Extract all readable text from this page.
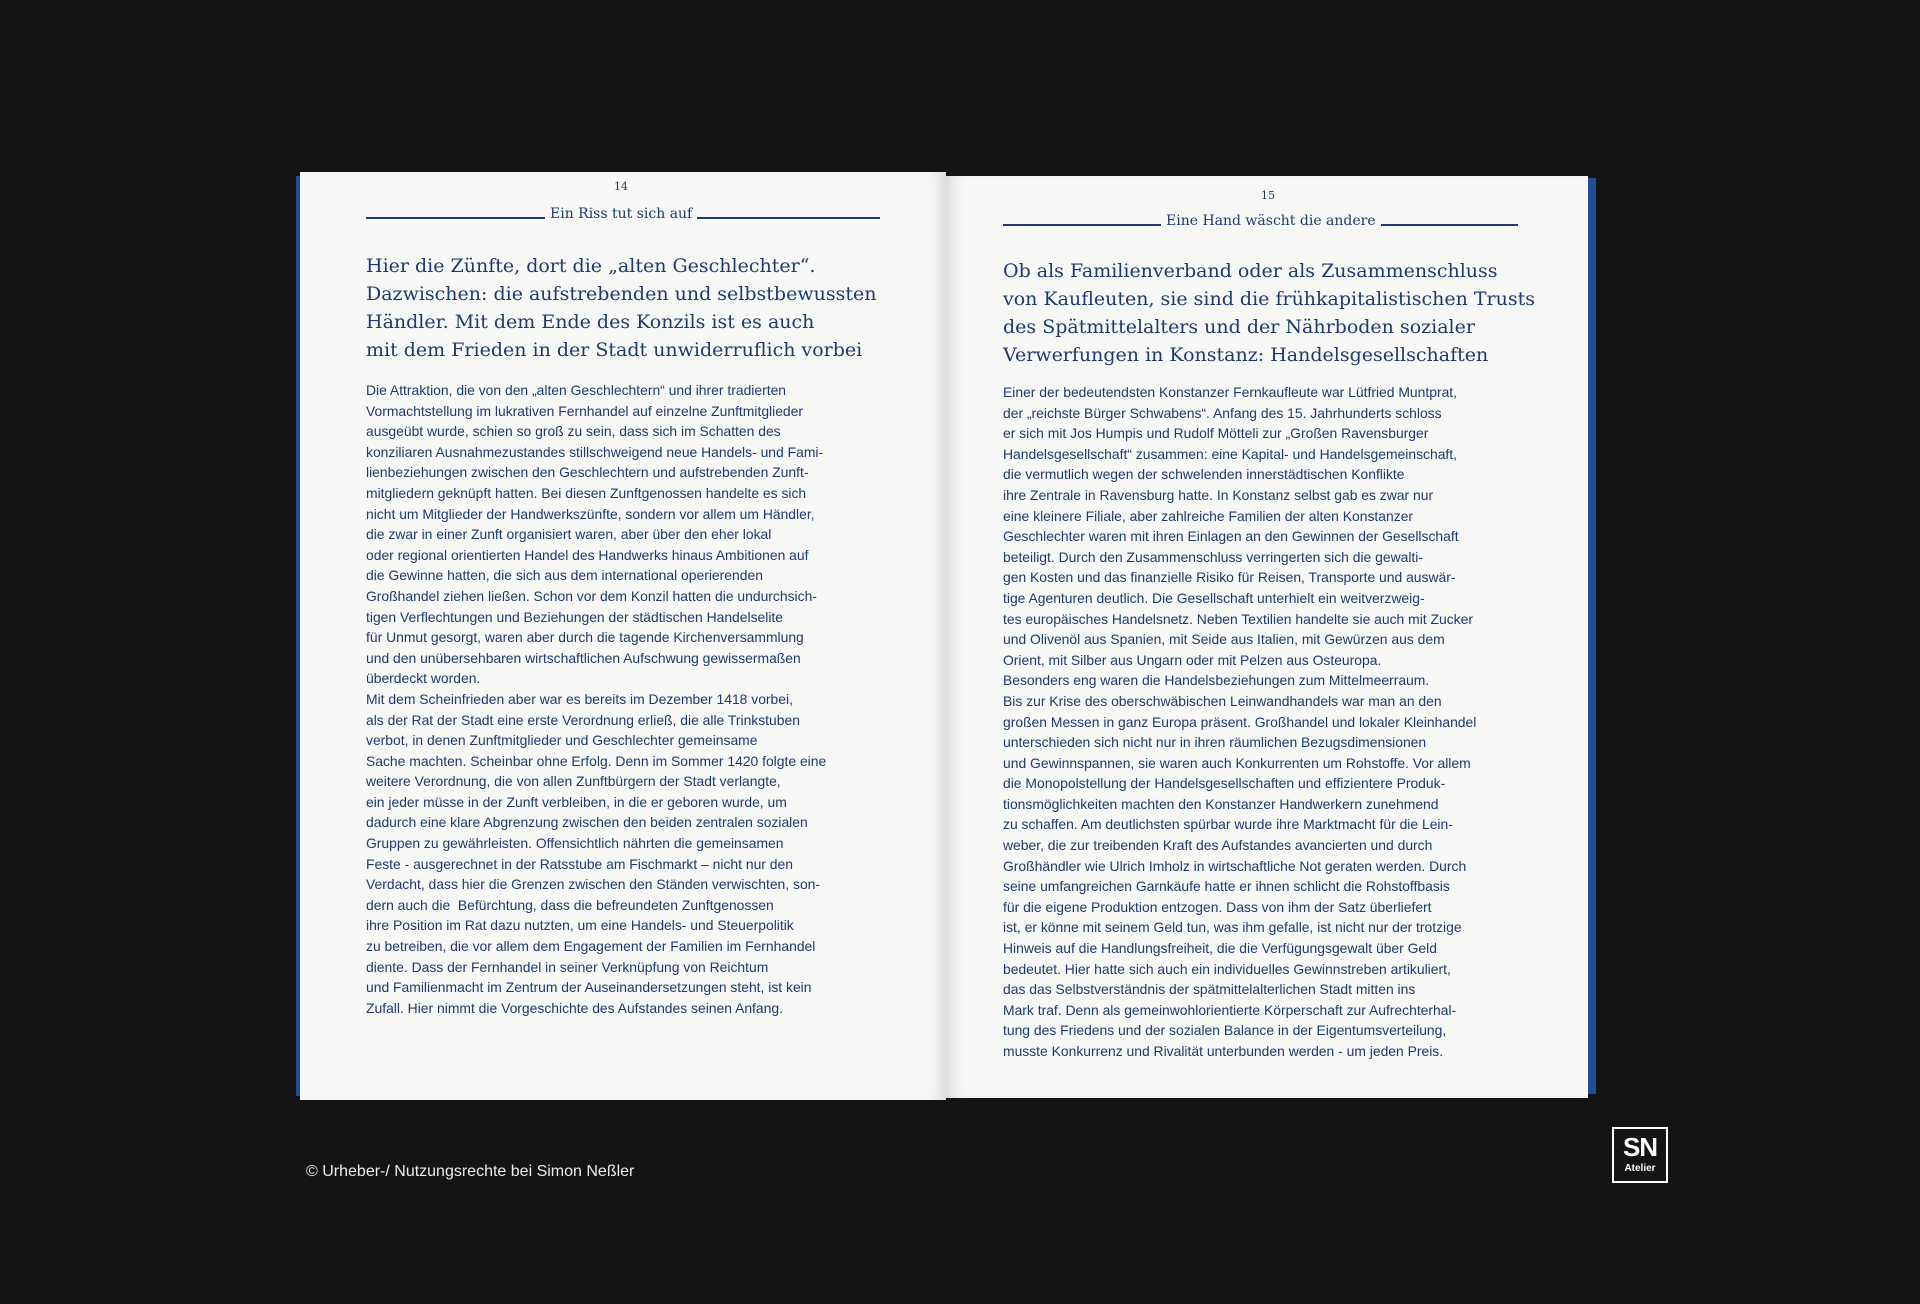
14
Ein Riss tut sich auf
Hier die Zünfte, dort die „alten Geschlechter“.
Dazwischen: die aufstrebenden und selbstbewussten
Händler. Mit dem Ende des Konzils ist es auch
mit dem Frieden in der Stadt unwiderruflich vorbei

Die Attraktion, die von den „alten Geschlechtern“ und ihrer tradierten
Vormachtstellung im lukrativen Fernhandel auf einzelne Zunftmitglieder
ausgeübt wurde, schien so groß zu sein, dass sich im Schatten des
konziliaren Ausnahmezustandes stillschweigend neue Handels- und Fami-
lienbeziehungen zwischen den Geschlechtern und aufstrebenden Zunft-
mitgliedern geknüpft hatten. Bei diesen Zunftgenossen handelte es sich
nicht um Mitglieder der Handwerkszünfte, sondern vor allem um Händler,
die zwar in einer Zunft organisiert waren, aber über den eher lokal
oder regional orientierten Handel des Handwerks hinaus Ambitionen auf
die Gewinne hatten, die sich aus dem international operierenden
Großhandel ziehen ließen. Schon vor dem Konzil hatten die undurchsich-
tigen Verflechtungen und Beziehungen der städtischen Handelselite
für Unmut gesorgt, waren aber durch die tagende Kirchenversammlung
und den unübersehbaren wirtschaftlichen Aufschwung gewissermaßen
überdeckt worden.
Mit dem Scheinfrieden aber war es bereits im Dezember 1418 vorbei,
als der Rat der Stadt eine erste Verordnung erließ, die alle Trinkstuben
verbot, in denen Zunftmitglieder und Geschlechter gemeinsame
Sache machten. Scheinbar ohne Erfolg. Denn im Sommer 1420 folgte eine
weitere Verordnung, die von allen Zunftbürgern der Stadt verlangte,
ein jeder müsse in der Zunft verbleiben, in die er geboren wurde, um
dadurch eine klare Abgrenzung zwischen den beiden zentralen sozialen
Gruppen zu gewährleisten. Offensichtlich nährten die gemeinsamen
Feste - ausgerechnet in der Ratsstube am Fischmarkt – nicht nur den
Verdacht, dass hier die Grenzen zwischen den Ständen verwischten, son-
dern auch die  Befürchtung, dass die befreundeten Zunftgenossen
ihre Position im Rat dazu nutzten, um eine Handels- und Steuerpolitik
zu betreiben, die vor allem dem Engagement der Familien im Fernhandel
diente. Dass der Fernhandel in seiner Verknüpfung von Reichtum
und Familienmacht im Zentrum der Auseinandersetzungen steht, ist kein
Zufall. Hier nimmt die Vorgeschichte des Aufstandes seinen Anfang.

15
Eine Hand wäscht die andere
Ob als Familienverband oder als Zusammenschluss
von Kaufleuten, sie sind die frühkapitalistischen Trusts
des Spätmittelalters und der Nährboden sozialer
Verwerfungen in Konstanz: Handelsgesellschaften

Einer der bedeutendsten Konstanzer Fernkaufleute war Lütfried Muntprat,
der „reichste Bürger Schwabens“. Anfang des 15. Jahrhunderts schloss
er sich mit Jos Humpis und Rudolf Mötteli zur „Großen Ravensburger
Handelsgesellschaft“ zusammen: eine Kapital- und Handelsgemeinschaft,
die vermutlich wegen der schwelenden innerstädtischen Konflikte
ihre Zentrale in Ravensburg hatte. In Konstanz selbst gab es zwar nur
eine kleinere Filiale, aber zahlreiche Familien der alten Konstanzer
Geschlechter waren mit ihren Einlagen an den Gewinnen der Gesellschaft
beteiligt. Durch den Zusammenschluss verringerten sich die gewalti-
gen Kosten und das finanzielle Risiko für Reisen, Transporte und auswär-
tige Agenturen deutlich. Die Gesellschaft unterhielt ein weitverzweig-
tes europäisches Handelsnetz. Neben Textilien handelte sie auch mit Zucker
und Olivenöl aus Spanien, mit Seide aus Italien, mit Gewürzen aus dem
Orient, mit Silber aus Ungarn oder mit Pelzen aus Osteuropa.
Besonders eng waren die Handelsbeziehungen zum Mittelmeerraum.
Bis zur Krise des oberschwäbischen Leinwandhandels war man an den
großen Messen in ganz Europa präsent. Großhandel und lokaler Kleinhandel
unterschieden sich nicht nur in ihren räumlichen Bezugsdimensionen
und Gewinnspannen, sie waren auch Konkurrenten um Rohstoffe. Vor allem
die Monopolstellung der Handelsgesellschaften und effizientere Produk-
tionsmöglichkeiten machten den Konstanzer Handwerkern zunehmend
zu schaffen. Am deutlichsten spürbar wurde ihre Marktmacht für die Lein-
weber, die zur treibenden Kraft des Aufstandes avancierten und durch
Großhändler wie Ulrich Imholz in wirtschaftliche Not geraten werden. Durch
seine umfangreichen Garnkäufe hatte er ihnen schlicht die Rohstoffbasis
für die eigene Produktion entzogen. Dass von ihm der Satz überliefert
ist, er könne mit seinem Geld tun, was ihm gefalle, ist nicht nur der trotzige
Hinweis auf die Handlungsfreiheit, die die Verfügungsgewalt über Geld
bedeutet. Hier hatte sich auch ein individuelles Gewinnstreben artikuliert,
das das Selbstverständnis der spätmittelalterlichen Stadt mitten ins
Mark traf. Denn als gemeinwohlorientierte Körperschaft zur Aufrechterhal-
tung des Friedens und der sozialen Balance in der Eigentumsverteilung,
musste Konkurrenz und Rivalität unterbunden werden - um jeden Preis.

© Urheber-/ Nutzungsrechte bei Simon Neßler
SN
Atelier
